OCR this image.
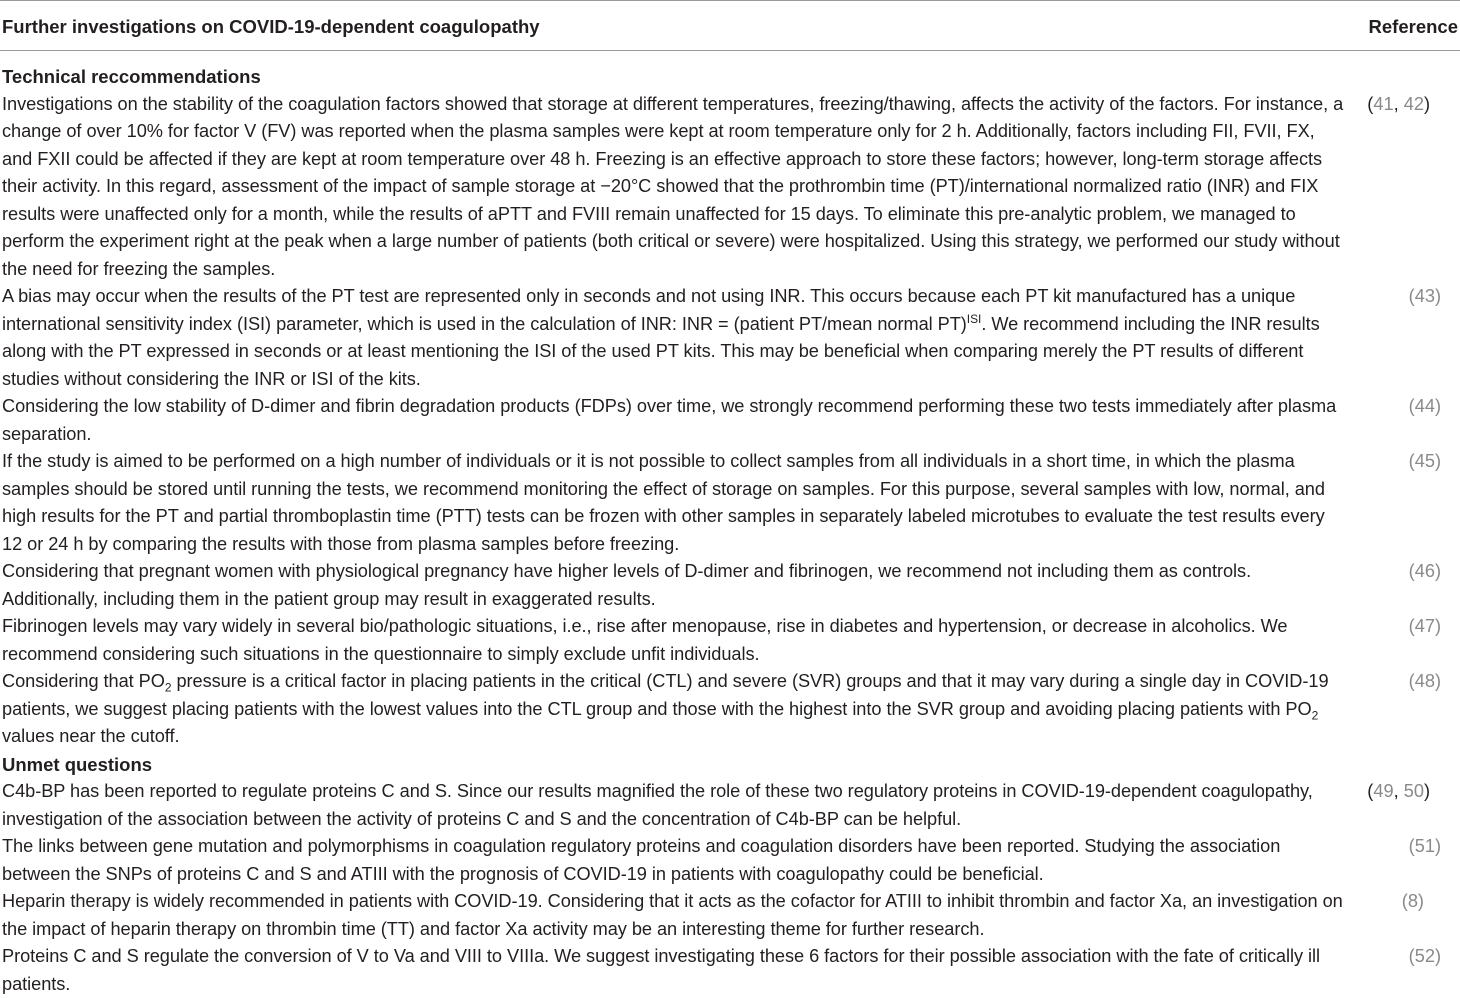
Further investigations on COVID-19-dependent coagulopathy	Reference
Technical reccommendations
Investigations on the stability of the coagulation factors showed that storage at different temperatures, freezing/thawing, affects the activity of the factors. For instance, a change of over 10% for factor V (FV) was reported when the plasma samples were kept at room temperature only for 2 h. Additionally, factors including FII, FVII, FX, and FXII could be affected if they are kept at room temperature over 48 h. Freezing is an effective approach to store these factors; however, long-term storage affects their activity. In this regard, assessment of the impact of sample storage at −20°C showed that the prothrombin time (PT)/international normalized ratio (INR) and FIX results were unaffected only for a month, while the results of aPTT and FVIII remain unaffected for 15 days. To eliminate this pre-analytic problem, we managed to perform the experiment right at the peak when a large number of patients (both critical or severe) were hospitalized. Using this strategy, we performed our study without the need for freezing the samples.
(41, 42)
A bias may occur when the results of the PT test are represented only in seconds and not using INR. This occurs because each PT kit manufactured has a unique international sensitivity index (ISI) parameter, which is used in the calculation of INR: INR = (patient PT/mean normal PT)$^{ISI}$. We recommend including the INR results along with the PT expressed in seconds or at least mentioning the ISI of the used PT kits. This may be beneficial when comparing merely the PT results of different studies without considering the INR or ISI of the kits.
(43)
Considering the low stability of D-dimer and fibrin degradation products (FDPs) over time, we strongly recommend performing these two tests immediately after plasma separation.
(44)
If the study is aimed to be performed on a high number of individuals or it is not possible to collect samples from all individuals in a short time, in which the plasma samples should be stored until running the tests, we recommend monitoring the effect of storage on samples. For this purpose, several samples with low, normal, and high results for the PT and partial thromboplastin time (PTT) tests can be frozen with other samples in separately labeled microtubes to evaluate the test results every 12 or 24 h by comparing the results with those from plasma samples before freezing.
(45)
Considering that pregnant women with physiological pregnancy have higher levels of D-dimer and fibrinogen, we recommend not including them as controls. Additionally, including them in the patient group may result in exaggerated results.
(46)
Fibrinogen levels may vary widely in several bio/pathologic situations, i.e., rise after menopause, rise in diabetes and hypertension, or decrease in alcoholics. We recommend considering such situations in the questionnaire to simply exclude unfit individuals.
(47)
Considering that $PO_2$ pressure is a critical factor in placing patients in the critical (CTL) and severe (SVR) groups and that it may vary during a single day in COVID-19 patients, we suggest placing patients with the lowest values into the CTL group and those with the highest into the SVR group and avoiding placing patients with $PO_2$ values near the cutoff.
(48)
Unmet questions
C4b-BP has been reported to regulate proteins C and S. Since our results magnified the role of these two regulatory proteins in COVID-19-dependent coagulopathy, investigation of the association between the activity of proteins C and S and the concentration of C4b-BP can be helpful.
(49, 50)
The links between gene mutation and polymorphisms in coagulation regulatory proteins and coagulation disorders have been reported. Studying the association between the SNPs of proteins C and S and ATIII with the prognosis of COVID-19 in patients with coagulopathy could be beneficial.
(51)
Heparin therapy is widely recommended in patients with COVID-19. Considering that it acts as the cofactor for ATIII to inhibit thrombin and factor Xa, an investigation on the impact of heparin therapy on thrombin time (TT) and factor Xa activity may be an interesting theme for further research.
(8)
Proteins C and S regulate the conversion of V to Va and VIII to VIIIa. We suggest investigating these 6 factors for their possible association with the fate of critically ill patients.
(52)
